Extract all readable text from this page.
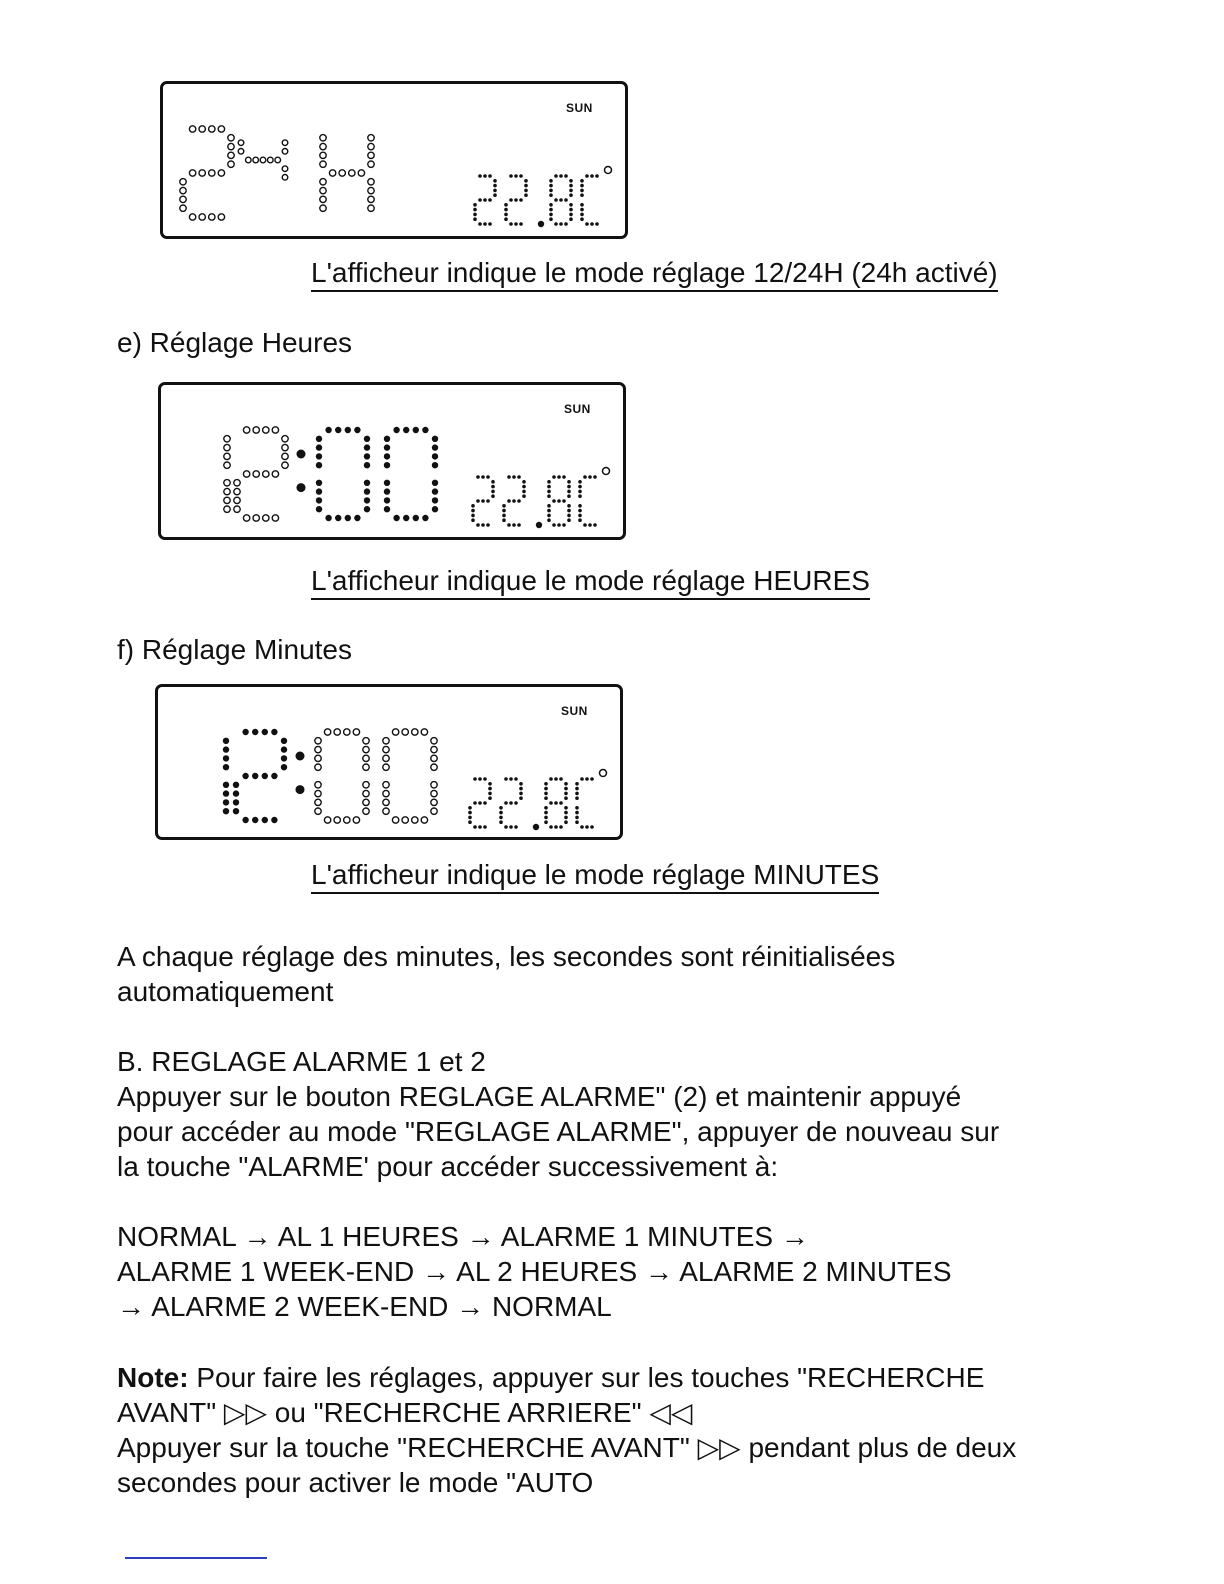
SUN
L'afficheur indique le mode réglage 12/24H (24h activé)
e) Réglage Heures
SUN
L'afficheur indique le mode réglage HEURES
f) Réglage Minutes
SUN
L'afficheur indique le mode réglage MINUTES
A chaque réglage des minutes, les secondes sont réinitialisées
automatiquement
B. REGLAGE ALARME 1 et 2
Appuyer sur le bouton REGLAGE ALARME" (2) et maintenir appuyé
pour accéder au mode "REGLAGE ALARME", appuyer de nouveau sur
la touche "ALARME' pour accéder successivement à:
NORMAL → AL 1 HEURES → ALARME 1 MINUTES →
ALARME 1 WEEK-END → AL 2 HEURES → ALARME 2 MINUTES
→ ALARME 2 WEEK-END → NORMAL
Note: Pour faire les réglages, appuyer sur les touches "RECHERCHE
AVANT" ▷▷ ou "RECHERCHE ARRIERE" ◁◁
Appuyer sur la touche "RECHERCHE AVANT" ▷▷ pendant plus de deux
secondes pour activer le mode "AUTO
